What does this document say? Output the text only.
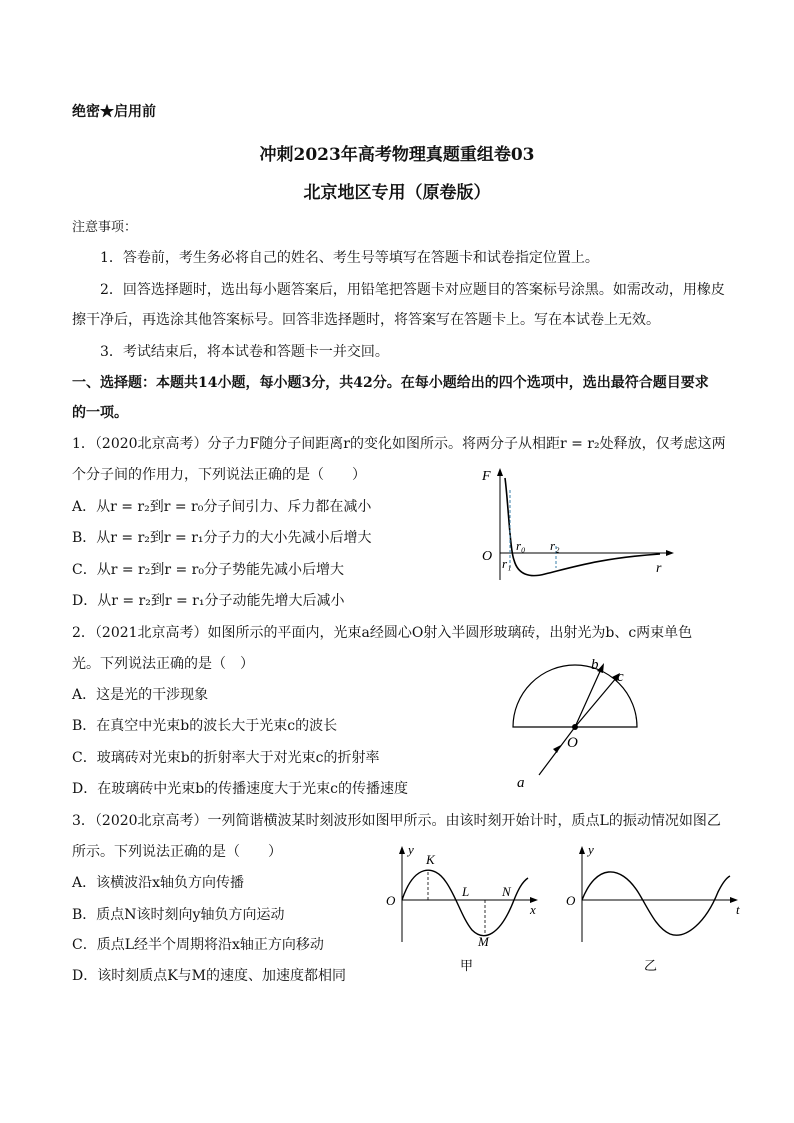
绝密★启用前
冲刺2023年高考物理真题重组卷03
北京地区专用（原卷版）
注意事项：
1．答卷前，考生务必将自己的姓名、考生号等填写在答题卡和试卷指定位置上。
2．回答选择题时，选出每小题答案后，用铅笔把答题卡对应题目的答案标号涂黑。如需改动，用橡皮
擦干净后，再选涂其他答案标号。回答非选择题时，将答案写在答题卡上。写在本试卷上无效。
3．考试结束后，将本试卷和答题卡一并交回。
一、选择题：本题共14小题，每小题3分，共42分。在每小题给出的四个选项中，选出最符合题目要求
的一项。
1．（2020北京高考）分子力F随分子间距离r的变化如图所示。将两分子从相距r = r₂处释放，仅考虑这两
个分子间的作用力，下列说法正确的是（　　）
A．从r = r₂到r = r₀分子间引力、斥力都在减小
B．从r = r₂到r = r₁分子力的大小先减小后增大
C．从r = r₂到r = r₀分子势能先减小后增大
D．从r = r₂到r = r₁分子动能先增大后减小
F
O
r₀
r₁
r₂
r
2．（2021北京高考）如图所示的平面内，光束a经圆心O射入半圆形玻璃砖，出射光为b、c两束单色
光。下列说法正确的是（　）
A．这是光的干涉现象
B．在真空中光束b的波长大于光束c的波长
C．玻璃砖对光束b的折射率大于对光束c的折射率
D．在玻璃砖中光束b的传播速度大于光束c的传播速度
b
c
O
a
3．（2020北京高考）一列简谐横波某时刻波形如图甲所示。由该时刻开始计时，质点L的振动情况如图乙
所示。下列说法正确的是（　　）
A．该横波沿x轴负方向传播
B．质点N该时刻向y轴负方向运动
C．质点L经半个周期将沿x轴正方向移动
D．该时刻质点K与M的速度、加速度都相同
y
K
O
L	N
x
M
甲
y
O
t
乙
